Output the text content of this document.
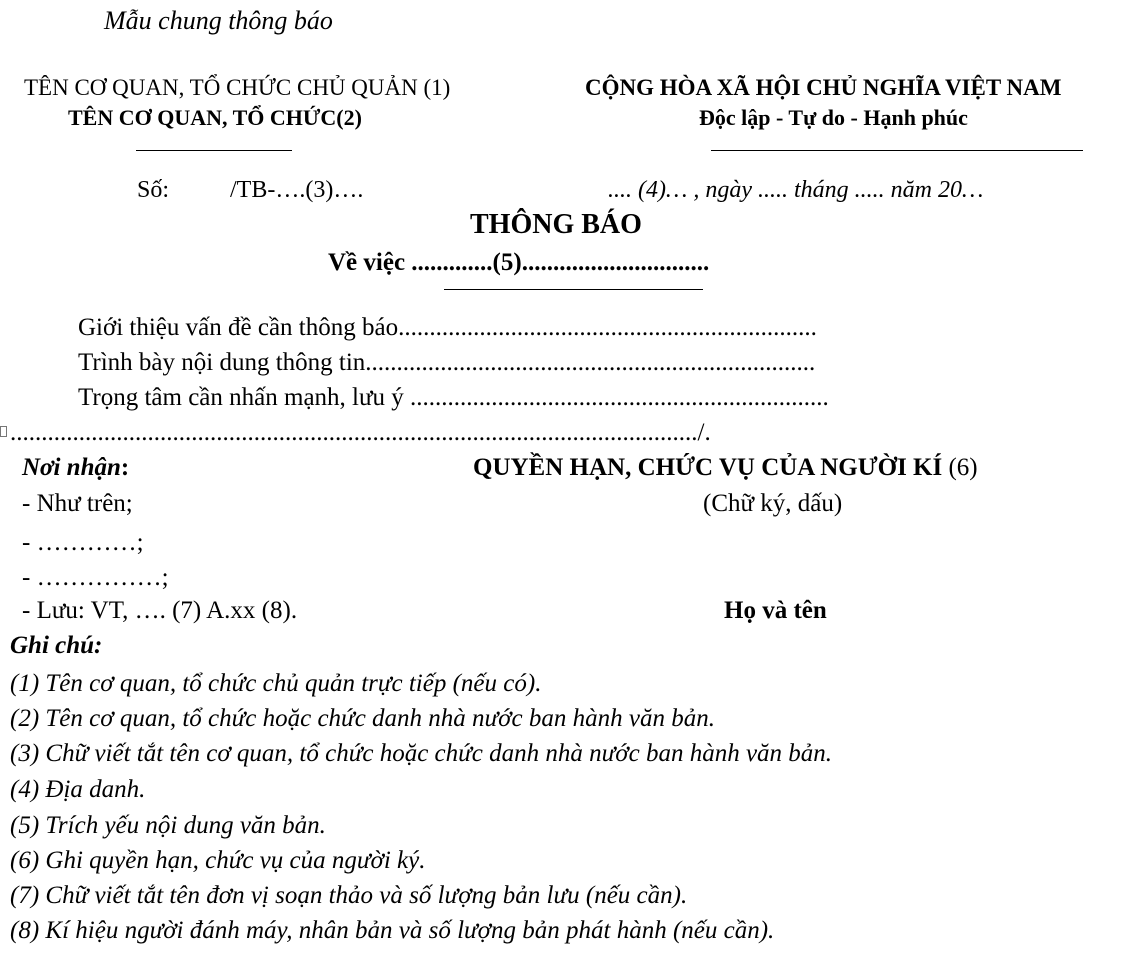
Mẫu chung thông báo
TÊN CƠ QUAN, TỔ CHỨC CHỦ QUẢN (1)
TÊN CƠ QUAN, TỔ CHỨC(2)
CỘNG HÒA XÃ HỘI CHỦ NGHĨA VIỆT NAM
Độc lập - Tự do - Hạnh phúc
Số:	/TB-….(3)….	.... (4)… , ngày ..... tháng ..... năm 20…
THÔNG BÁO
Về việc .............(5)..............................
Giới thiệu vấn đề cần thông báo...................................................................
Trình bày nội dung thông tin........................................................................
Trọng tâm cần nhấn mạnh, lưu ý ...................................................................
............................................................................................................../.
Nơi nhận:
- Như trên;
- …………;
- ……………;
- Lưu: VT, …. (7) A.xx (8).
QUYỀN HẠN, CHỨC VỤ CỦA NGƯỜI KÍ (6)
(Chữ ký, dấu)
Họ và tên
Ghi chú:
(1) Tên cơ quan, tổ chức chủ quản trực tiếp (nếu có).
(2) Tên cơ quan, tổ chức hoặc chức danh nhà nước ban hành văn bản.
(3) Chữ viết tắt tên cơ quan, tổ chức hoặc chức danh nhà nước ban hành văn bản.
(4) Địa danh.
(5) Trích yếu nội dung văn bản.
(6) Ghi quyền hạn, chức vụ của người ký.
(7) Chữ viết tắt tên đơn vị soạn thảo và số lượng bản lưu (nếu cần).
(8) Kí hiệu người đánh máy, nhân bản và số lượng bản phát hành (nếu cần).
